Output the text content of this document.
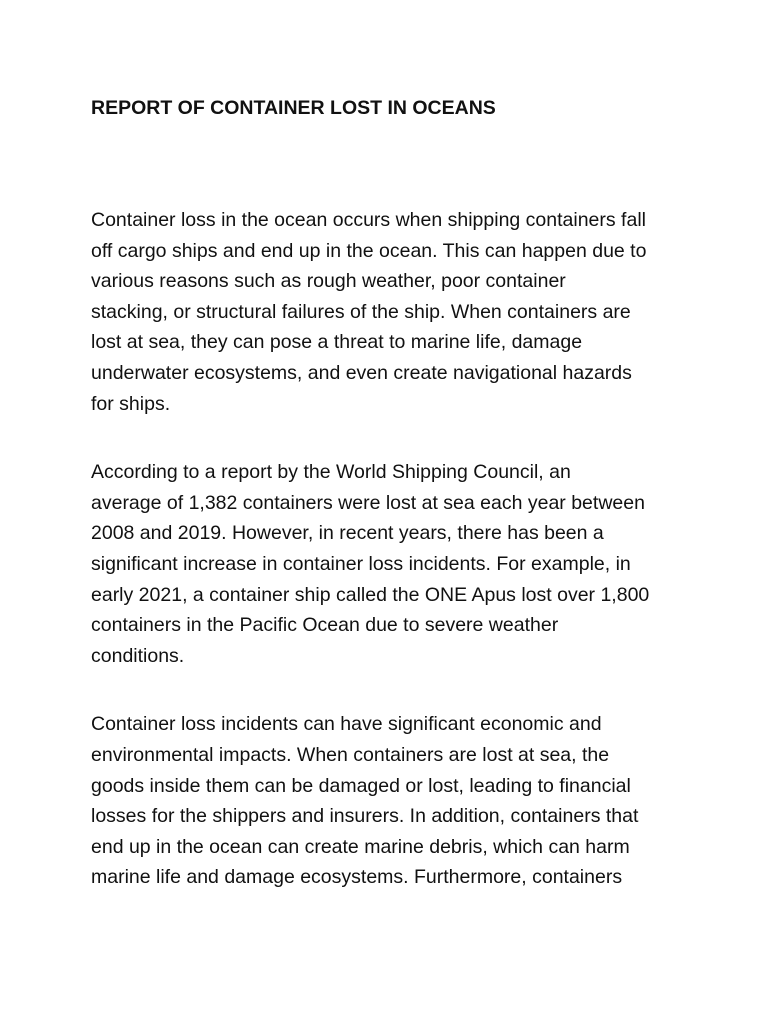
REPORT OF CONTAINER LOST IN OCEANS

Container loss in the ocean occurs when shipping containers fall
off cargo ships and end up in the ocean. This can happen due to
various reasons such as rough weather, poor container
stacking, or structural failures of the ship. When containers are
lost at sea, they can pose a threat to marine life, damage
underwater ecosystems, and even create navigational hazards
for ships.

According to a report by the World Shipping Council, an
average of 1,382 containers were lost at sea each year between
2008 and 2019. However, in recent years, there has been a
significant increase in container loss incidents. For example, in
early 2021, a container ship called the ONE Apus lost over 1,800
containers in the Pacific Ocean due to severe weather
conditions.

Container loss incidents can have significant economic and
environmental impacts. When containers are lost at sea, the
goods inside them can be damaged or lost, leading to financial
losses for the shippers and insurers. In addition, containers that
end up in the ocean can create marine debris, which can harm
marine life and damage ecosystems. Furthermore, containers
